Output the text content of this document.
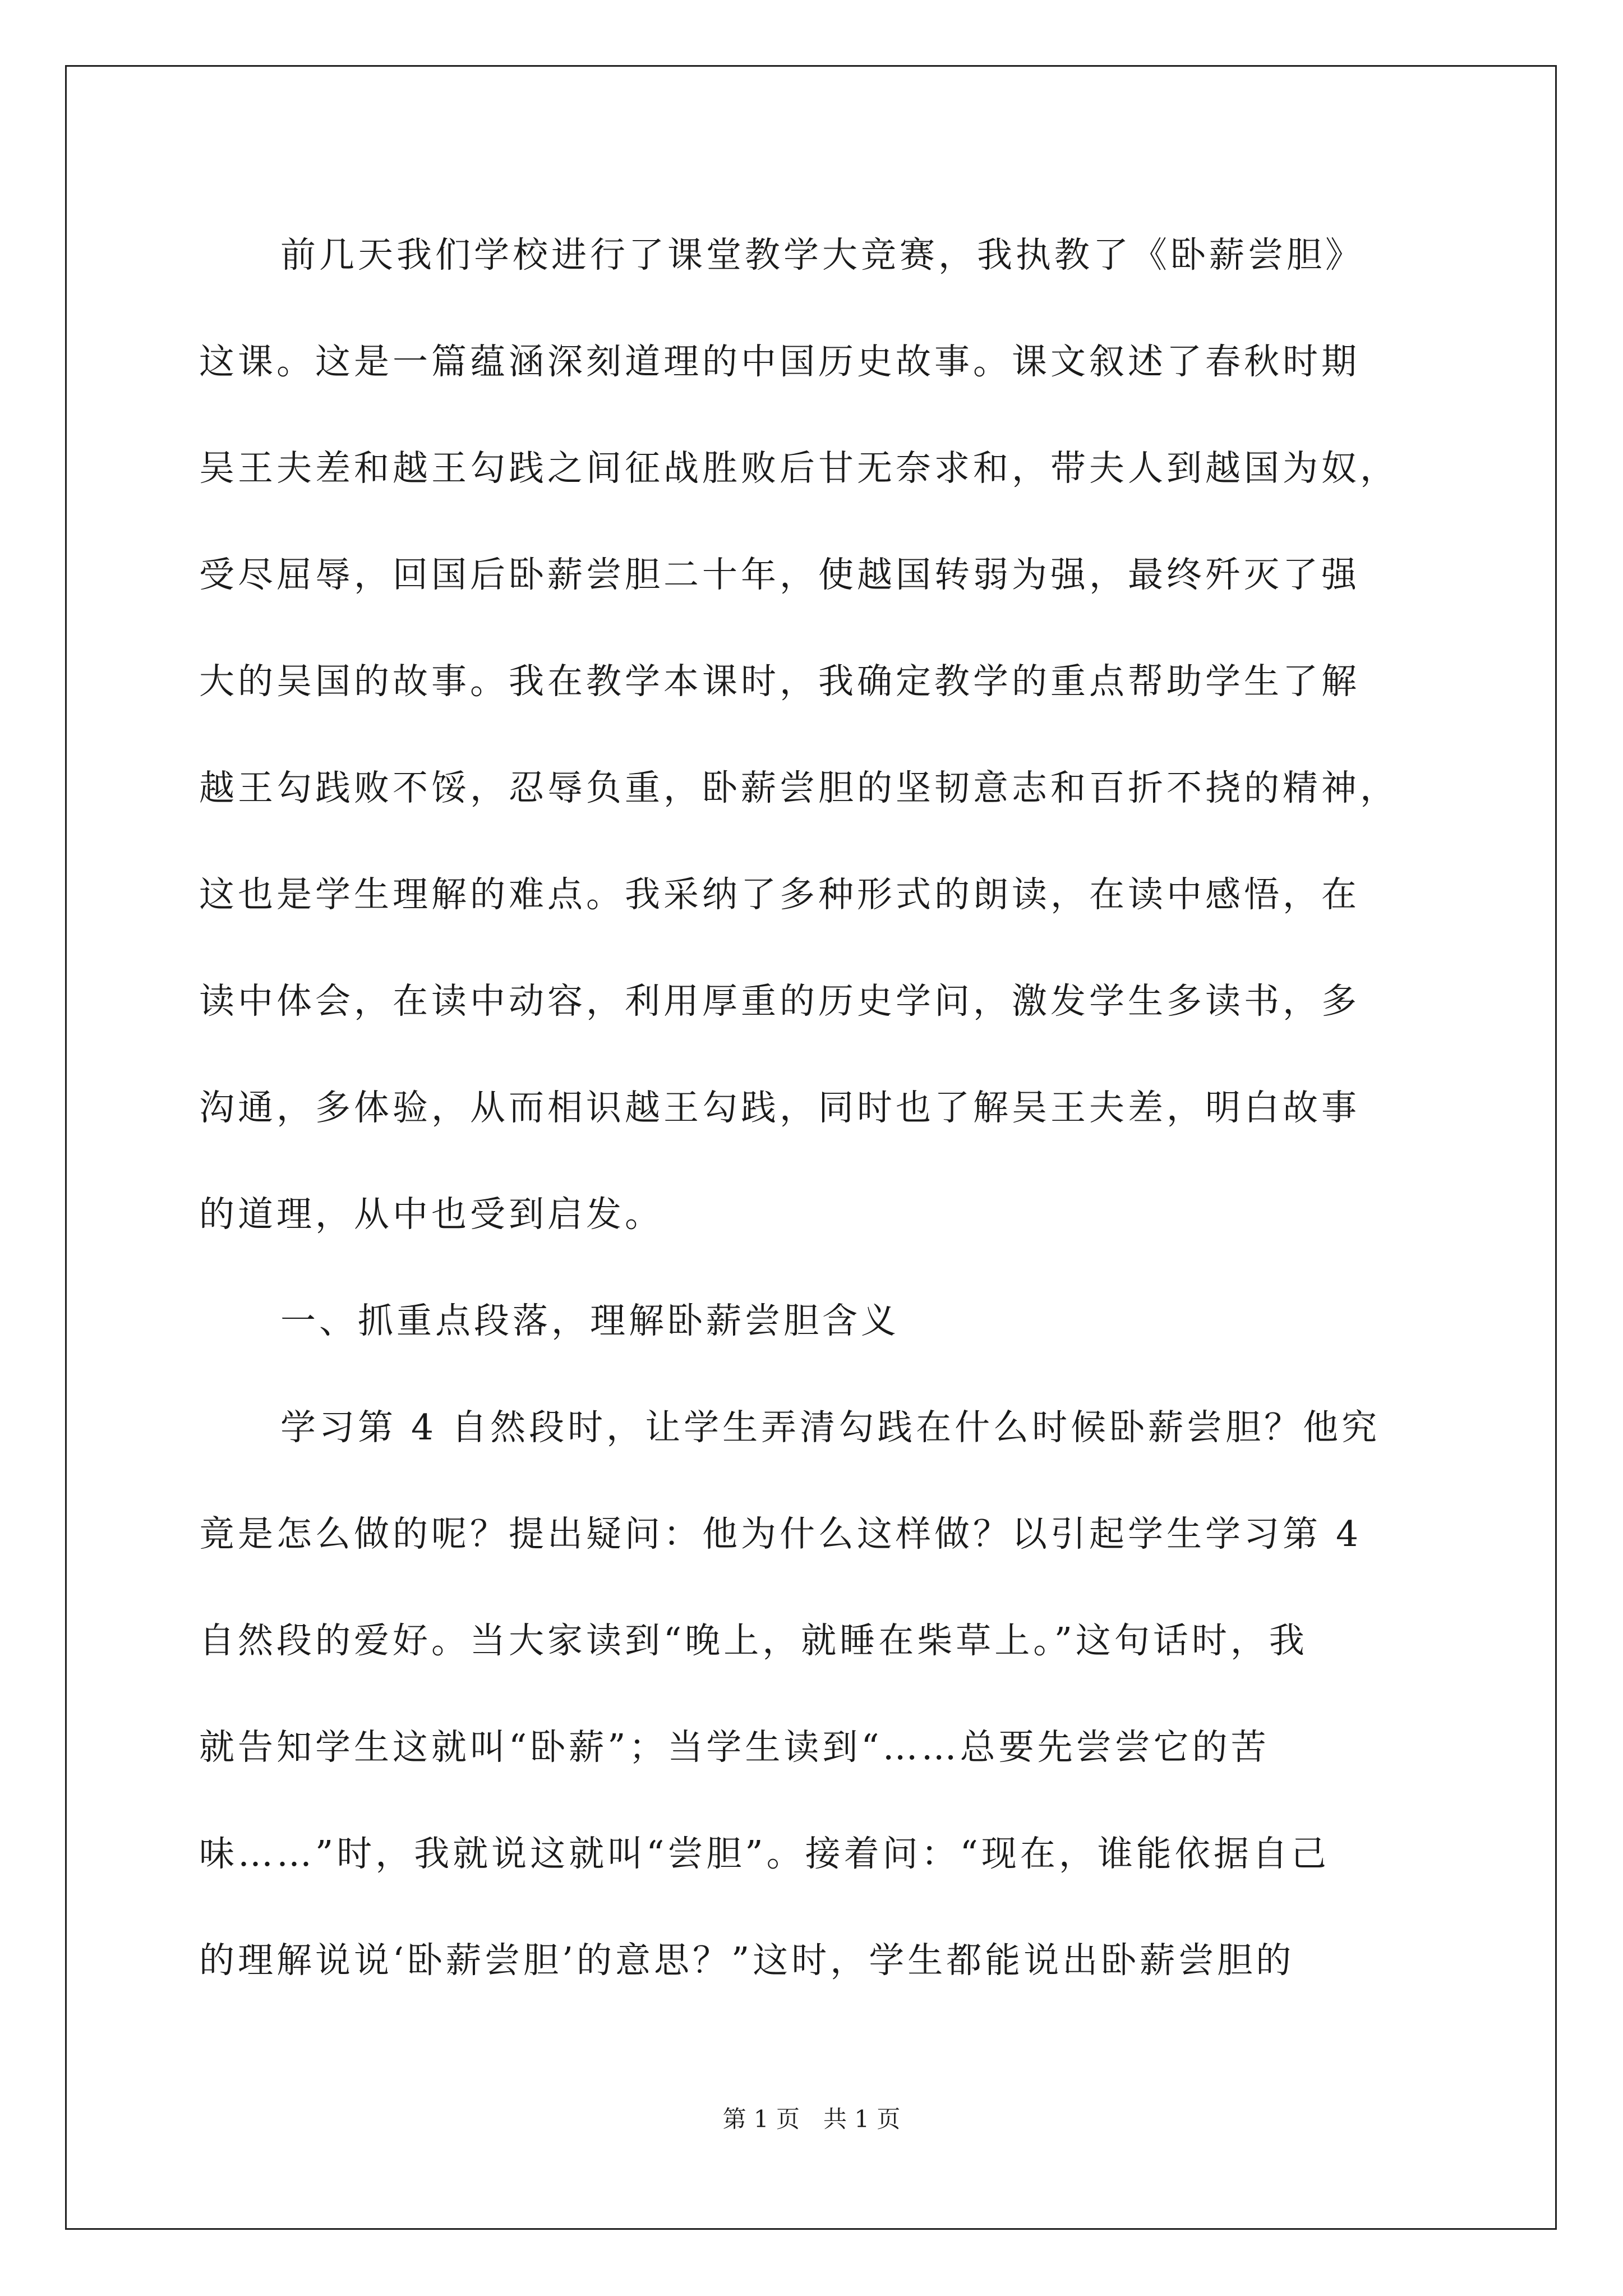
前几天我们学校进行了课堂教学大竞赛，我执教了《卧薪尝胆》
这课。这是一篇蕴涵深刻道理的中国历史故事。课文叙述了春秋时期
吴王夫差和越王勾践之间征战胜败后甘无奈求和，带夫人到越国为奴，
受尽屈辱，回国后卧薪尝胆二十年，使越国转弱为强，最终歼灭了强
大的吴国的故事。我在教学本课时，我确定教学的重点帮助学生了解
越王勾践败不馁，忍辱负重，卧薪尝胆的坚韧意志和百折不挠的精神，
这也是学生理解的难点。我采纳了多种形式的朗读，在读中感悟，在
读中体会，在读中动容，利用厚重的历史学问，激发学生多读书，多
沟通，多体验，从而相识越王勾践，同时也了解吴王夫差，明白故事
的道理，从中也受到启发。
一、抓重点段落，理解卧薪尝胆含义
学习第 4 自然段时，让学生弄清勾践在什么时候卧薪尝胆？他究
竟是怎么做的呢？提出疑问：他为什么这样做？以引起学生学习第 4
自然段的爱好。当大家读到“晚上，就睡在柴草上。”这句话时，我
就告知学生这就叫“卧薪”；当学生读到“……总要先尝尝它的苦
味……”时，我就说这就叫“尝胆”。接着问：“现在，谁能依据自己
的理解说说‘卧薪尝胆’的意思？”这时，学生都能说出卧薪尝胆的
第 1 页　共 1 页
